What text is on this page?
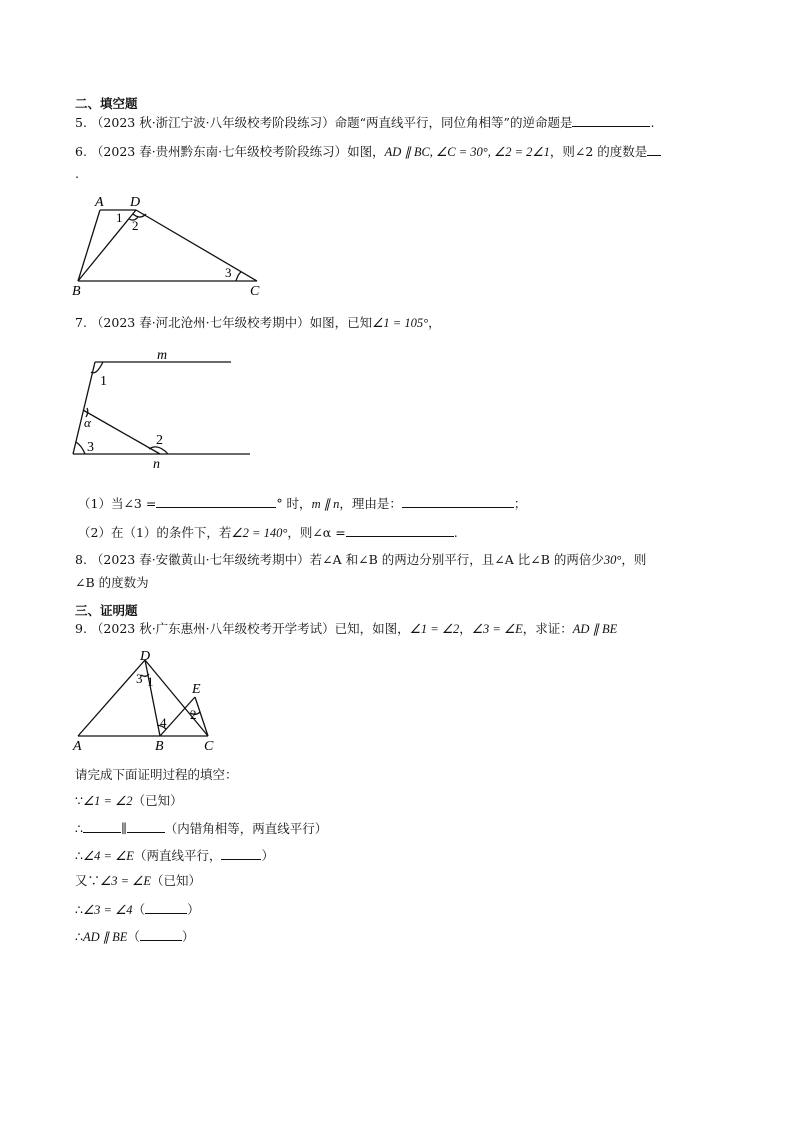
二、填空题
5. （2023 秋·浙江宁波·八年级校考阶段练习）命题“两直线平行，同位角相等”的逆命题是	.
6. （2023 春·贵州黔东南·七年级校考阶段练习）如图，AD ∥ BC, ∠C = 30°, ∠2 = 2∠1，则∠2 的度数是
.
A D
B	C
1
2
3
7. （2023 春·河北沧州·七年级校考期中）如图，已知∠1 = 105°，
m
n
1
α
3	2
（1）当∠3 =	° 时，m ∥ n，理由是：	；
（2）在（1）的条件下，若∠2 = 140°，则∠α =	.
8. （2023 春·安徽黄山·七年级统考期中）若∠A 和∠B 的两边分别平行，且∠A 比∠B 的两倍少30°，则
∠B 的度数为
三、证明题
9. （2023 秋·广东惠州·八年级校考开学考试）已知，如图，∠1 = ∠2，∠3 = ∠E，求证：AD ∥ BE
D
E
A	B	C
3 1
4
2
请完成下面证明过程的填空：
∵∠1 = ∠2（已知）
∴	∥	（内错角相等，两直线平行）
∴∠4 = ∠E（两直线平行，	）
又∵∠3 = ∠E（已知）
∴∠3 = ∠4（	）
∴AD ∥ BE（	）
